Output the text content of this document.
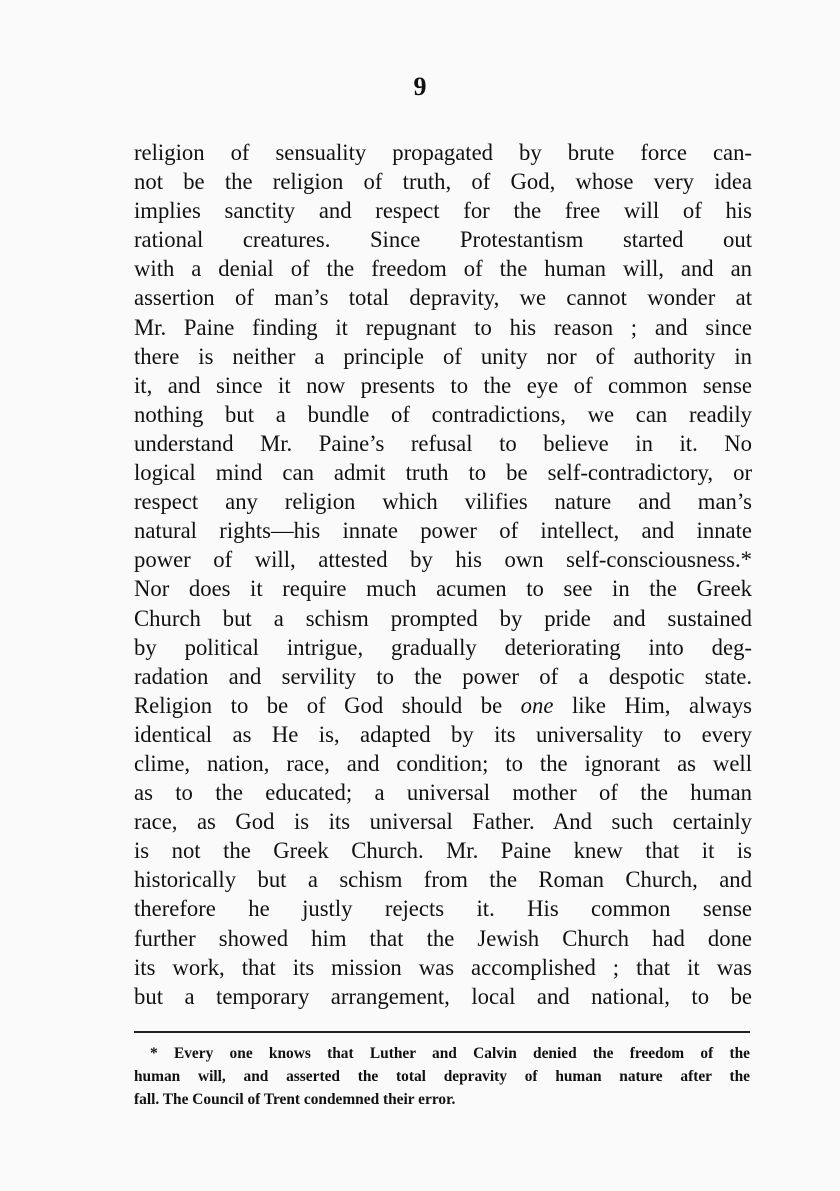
9
religion of sensuality propagated by brute force can-
not be the religion of truth, of God, whose very idea
implies sanctity and respect for the free will of his
rational creatures. Since Protestantism started out
with a denial of the freedom of the human will, and an
assertion of man’s total depravity, we cannot wonder at
Mr. Paine finding it repugnant to his reason ; and since
there is neither a principle of unity nor of authority in
it, and since it now presents to the eye of common sense
nothing but a bundle of contradictions, we can readily
understand Mr. Paine’s refusal to believe in it. No
logical mind can admit truth to be self-contradictory, or
respect any religion which vilifies nature and man’s
natural rights—his innate power of intellect, and innate
power of will, attested by his own self-consciousness.*
Nor does it require much acumen to see in the Greek
Church but a schism prompted by pride and sustained
by political intrigue, gradually deteriorating into deg-
radation and servility to the power of a despotic state.
Religion to be of God should be one like Him, always
identical as He is, adapted by its universality to every
clime, nation, race, and condition; to the ignorant as well
as to the educated; a universal mother of the human
race, as God is its universal Father. And such certainly
is not the Greek Church. Mr. Paine knew that it is
historically but a schism from the Roman Church, and
therefore he justly rejects it. His common sense
further showed him that the Jewish Church had done
its work, that its mission was accomplished ; that it was
but a temporary arrangement, local and national, to be
* Every one knows that Luther and Calvin denied the freedom of the
human will, and asserted the total depravity of human nature after the
fall. The Council of Trent condemned their error.
